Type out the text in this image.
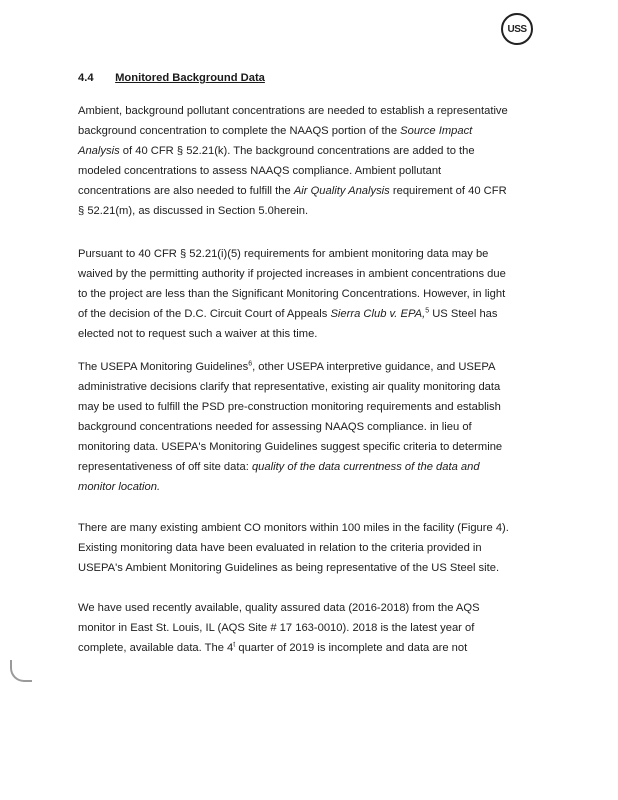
USS
4.4 Monitored Background Data
Ambient, background pollutant concentrations are needed to establish a representative
background concentration to complete the NAAQS portion of the Source Impact
Analysis of 40 CFR § 52.21(k). The background concentrations are added to the
modeled concentrations to assess NAAQS compliance. Ambient pollutant
concentrations are also needed to fulfill the Air Quality Analysis requirement of 40 CFR
§ 52.21(m), as discussed in Section 5.0herein.
Pursuant to 40 CFR § 52.21(i)(5) requirements for ambient monitoring data may be
waived by the permitting authority if projected increases in ambient concentrations due
to the project are less than the Significant Monitoring Concentrations. However, in light
of the decision of the D.C. Circuit Court of Appeals Sierra Club v. EPA,$^5$ US Steel has
elected not to request such a waiver at this time.
The USEPA Monitoring Guidelines$^6$, other USEPA interpretive guidance, and USEPA
administrative decisions clarify that representative, existing air quality monitoring data
may be used to fulfill the PSD pre-construction monitoring requirements and establish
background concentrations needed for assessing NAAQS compliance. in lieu of
monitoring data. USEPA's Monitoring Guidelines suggest specific criteria to determine
representativeness of off site data: quality of the data currentness of the data and
monitor location.
There are many existing ambient CO monitors within 100 miles in the facility (Figure 4).
Existing monitoring data have been evaluated in relation to the criteria provided in
USEPA's Ambient Monitoring Guidelines as being representative of the US Steel site.
We have used recently available, quality assured data (2016-2018) from the AQS
monitor in East St. Louis, IL (AQS Site # 17 163-0010). 2018 is the latest year of
complete, available data. The 4$^t$ quarter of 2019 is incomplete and data are not
